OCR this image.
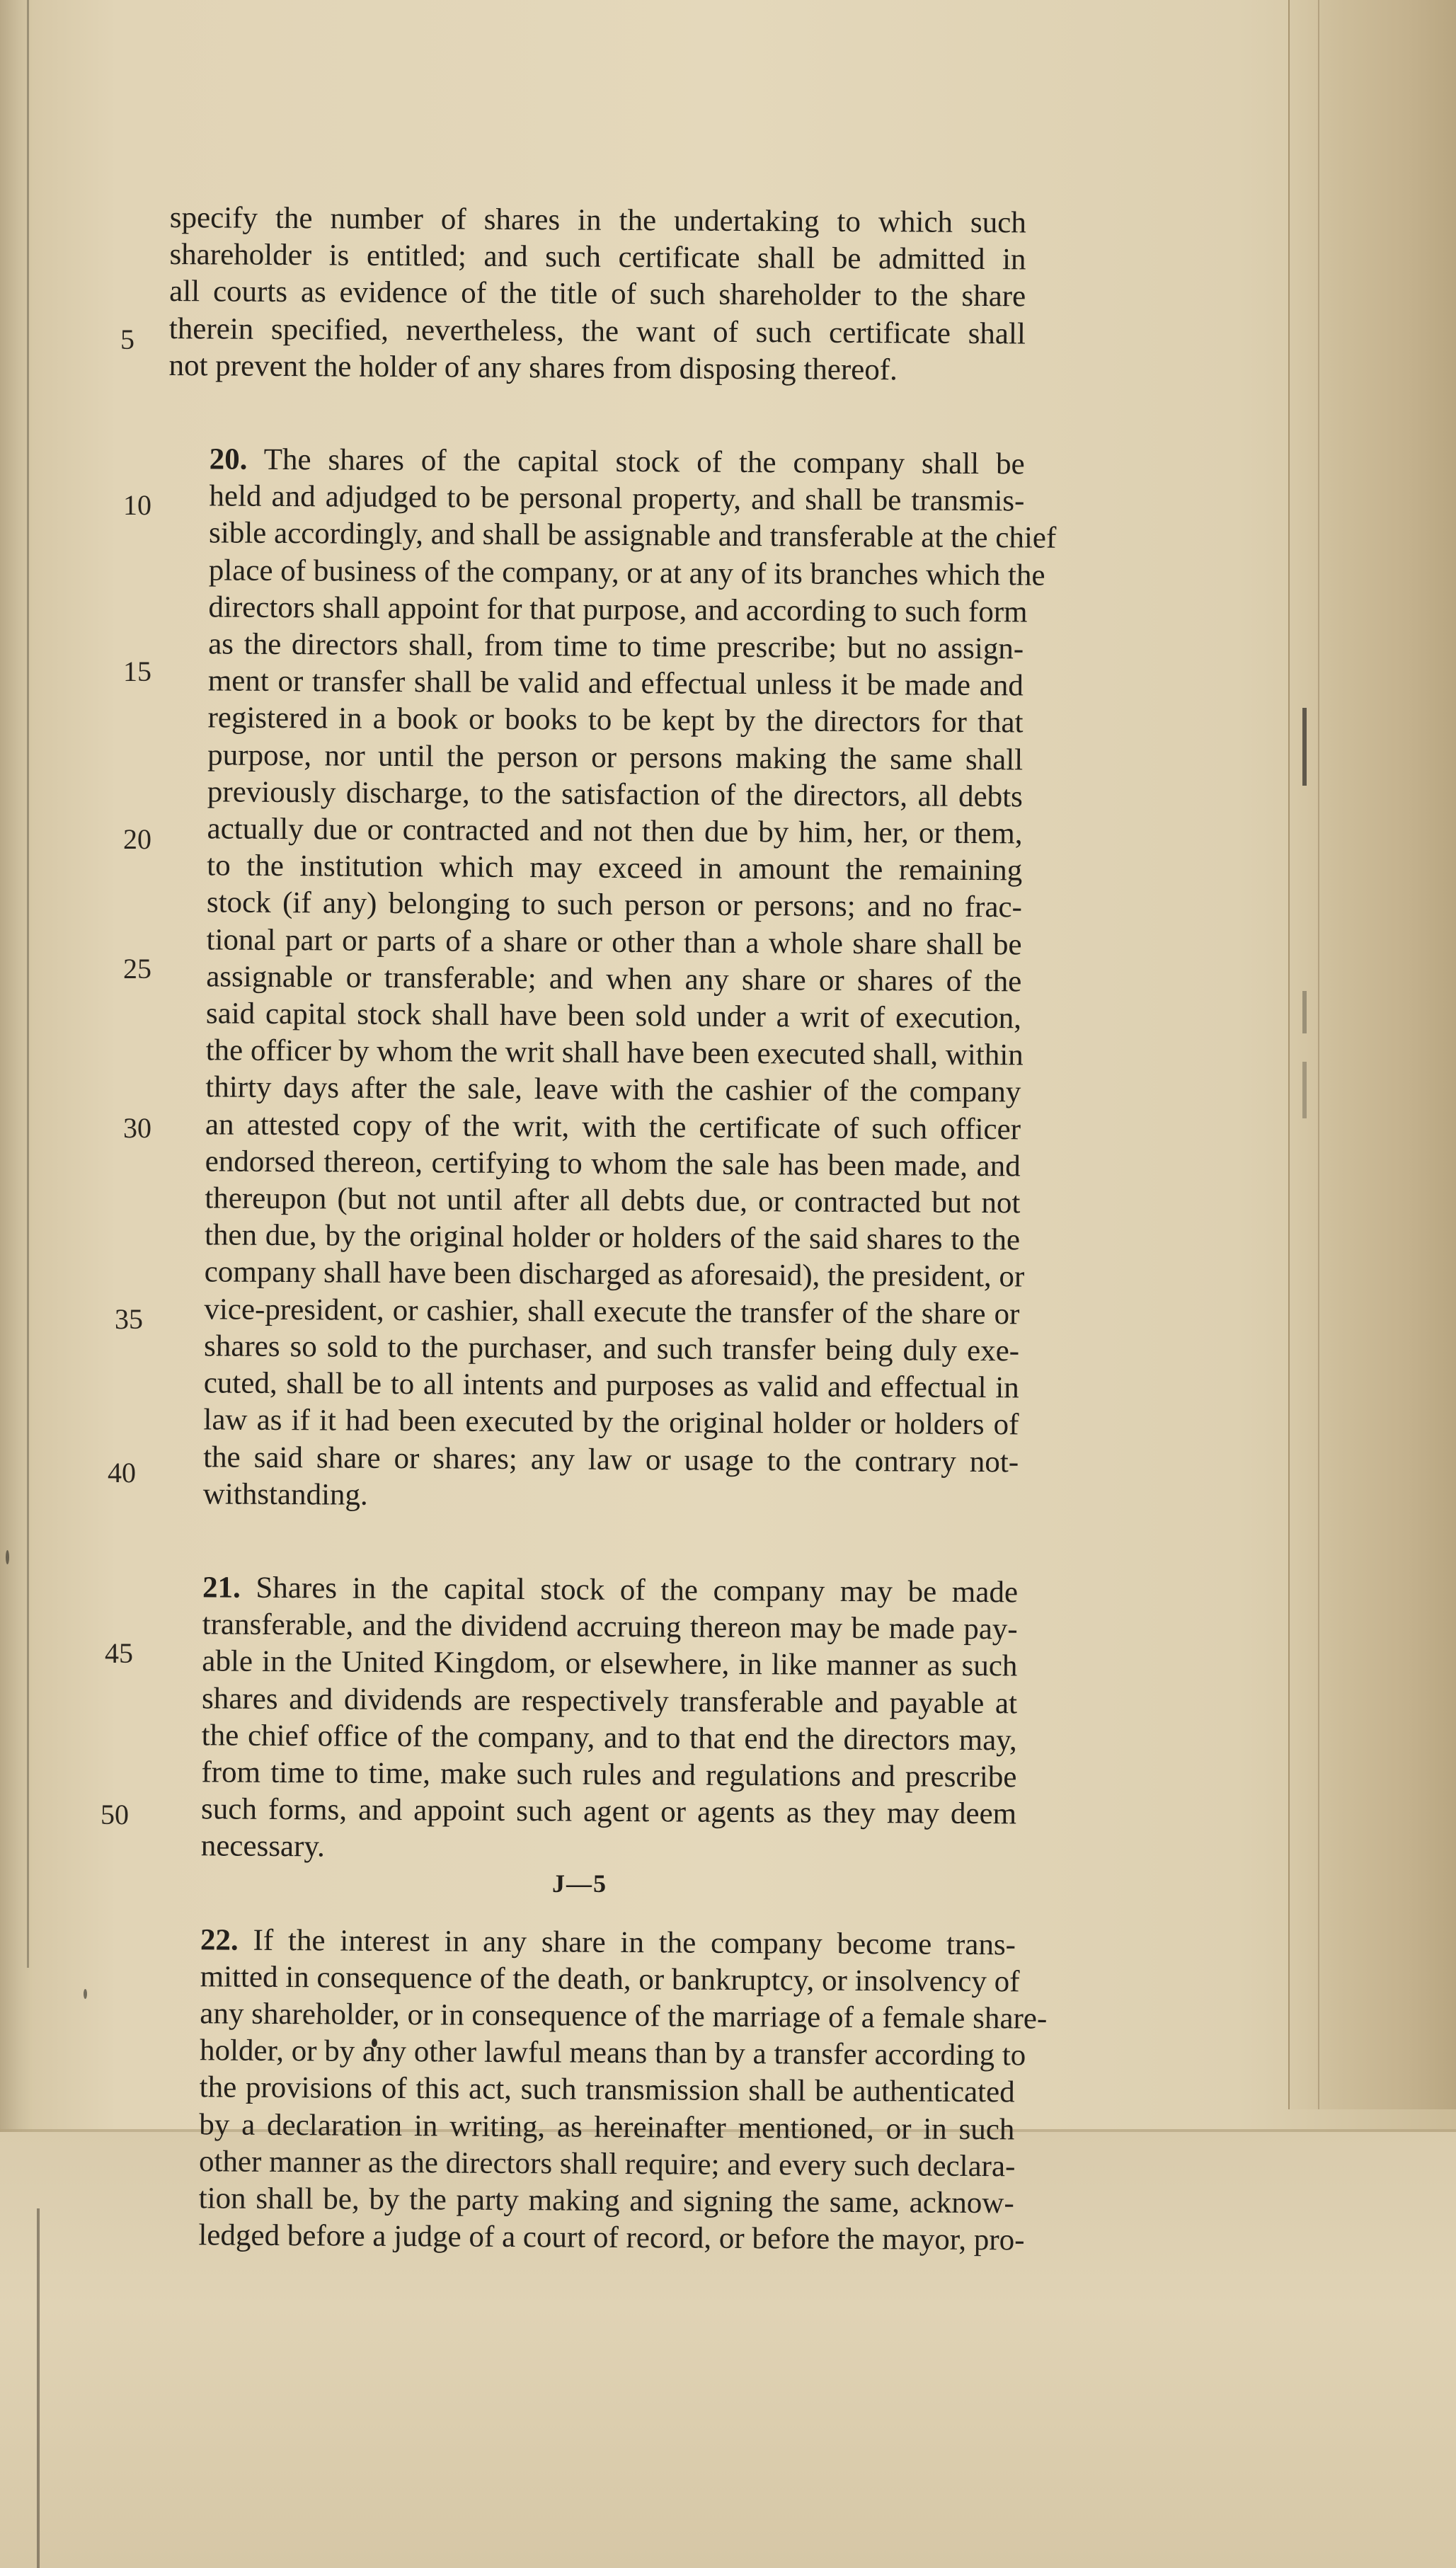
5
10
15
20
25
30
35
40
45
50
specify the number of shares in the undertaking to which such
shareholder is entitled; and such certificate shall be admitted in
all courts as evidence of the title of such shareholder to the share
therein specified, nevertheless, the want of such certificate shall
not prevent the holder of any shares from disposing thereof.
20. The shares of the capital stock of the company shall be
held and adjudged to be personal property, and shall be transmis-
sible accordingly, and shall be assignable and transferable at the chief
place of business of the company, or at any of its branches which the
directors shall appoint for that purpose, and according to such form
as the directors shall, from time to time prescribe; but no assign-
ment or transfer shall be valid and effectual unless it be made and
registered in a book or books to be kept by the directors for that
purpose, nor until the person or persons making the same shall
previously discharge, to the satisfaction of the directors, all debts
actually due or contracted and not then due by him, her, or them,
to the institution which may exceed in amount the remaining
stock (if any) belonging to such person or persons; and no frac-
tional part or parts of a share or other than a whole share shall be
assignable or transferable; and when any share or shares of the
said capital stock shall have been sold under a writ of execution,
the officer by whom the writ shall have been executed shall, within
thirty days after the sale, leave with the cashier of the company
an attested copy of the writ, with the certificate of such officer
endorsed thereon, certifying to whom the sale has been made, and
thereupon (but not until after all debts due, or contracted but not
then due, by the original holder or holders of the said shares to the
company shall have been discharged as aforesaid), the president, or
vice-president, or cashier, shall execute the transfer of the share or
shares so sold to the purchaser, and such transfer being duly exe-
cuted, shall be to all intents and purposes as valid and effectual in
law as if it had been executed by the original holder or holders of
the said share or shares; any law or usage to the contrary not-
withstanding.
21. Shares in the capital stock of the company may be made
transferable, and the dividend accruing thereon may be made pay-
able in the United Kingdom, or elsewhere, in like manner as such
shares and dividends are respectively transferable and payable at
the chief office of the company, and to that end the directors may,
from time to time, make such rules and regulations and prescribe
such forms, and appoint such agent or agents as they may deem
necessary.
22. If the interest in any share in the company become trans-
mitted in consequence of the death, or bankruptcy, or insolvency of
any shareholder, or in consequence of the marriage of a female share-
holder, or by any other lawful means than by a transfer according to
the provisions of this act, such transmission shall be authenticated
by a declaration in writing, as hereinafter mentioned, or in such
other manner as the directors shall require; and every such declara-
tion shall be, by the party making and signing the same, acknow-
ledged before a judge of a court of record, or before the mayor, pro-
J—5
